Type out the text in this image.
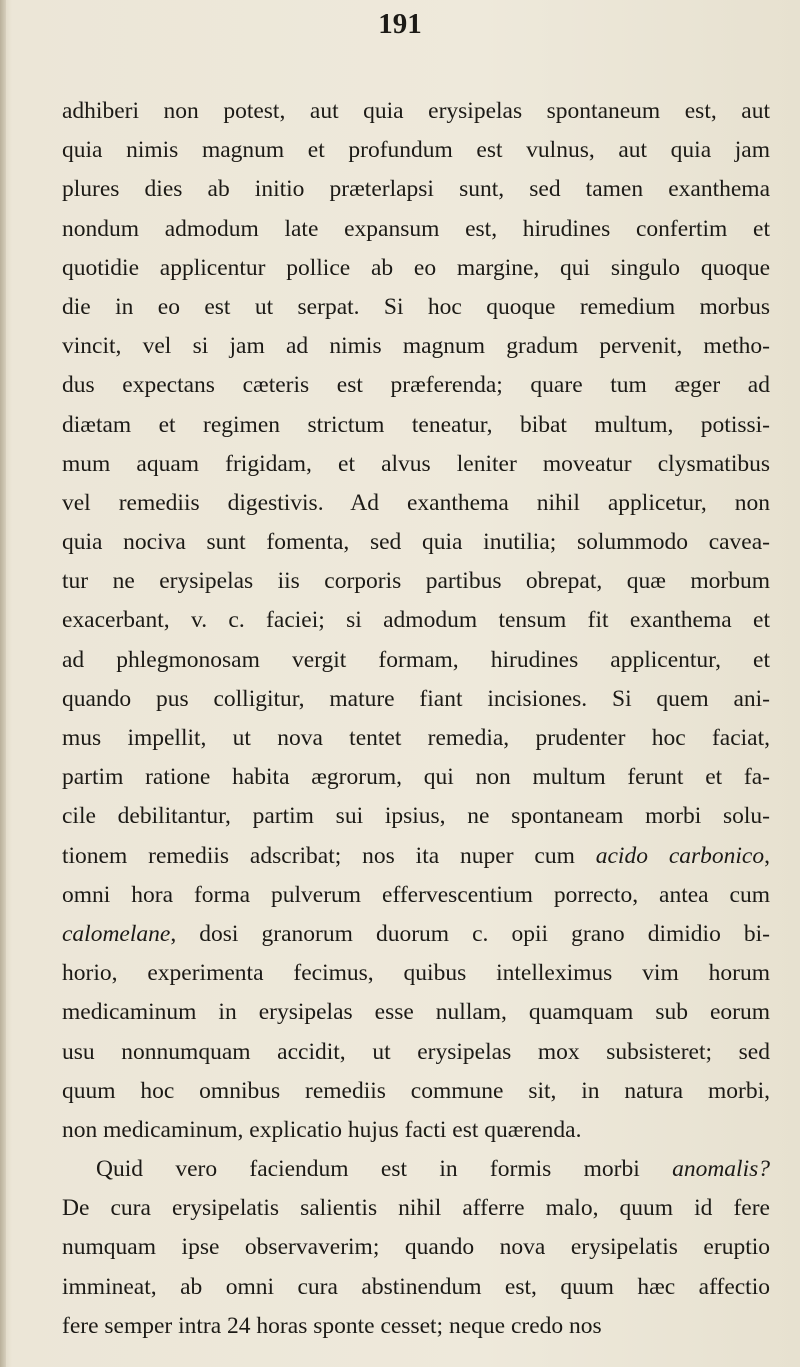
191
adhiberi non potest, aut quia erysipelas spontaneum est, aut
quia nimis magnum et profundum est vulnus, aut quia jam
plures dies ab initio præterlapsi sunt, sed tamen exanthema
nondum admodum late expansum est, hirudines confertim et
quotidie applicentur pollice ab eo margine, qui singulo quoque
die in eo est ut serpat. Si hoc quoque remedium morbus
vincit, vel si jam ad nimis magnum gradum pervenit, metho-
dus expectans cæteris est præferenda; quare tum æger ad
diætam et regimen strictum teneatur, bibat multum, potissi-
mum aquam frigidam, et alvus leniter moveatur clysmatibus
vel remediis digestivis. Ad exanthema nihil applicetur, non
quia nociva sunt fomenta, sed quia inutilia; solummodo cavea-
tur ne erysipelas iis corporis partibus obrepat, quæ morbum
exacerbant, v. c. faciei; si admodum tensum fit exanthema et
ad phlegmonosam vergit formam, hirudines applicentur, et
quando pus colligitur, mature fiant incisiones. Si quem ani-
mus impellit, ut nova tentet remedia, prudenter hoc faciat,
partim ratione habita ægrorum, qui non multum ferunt et fa-
cile debilitantur, partim sui ipsius, ne spontaneam morbi solu-
tionem remediis adscribat; nos ita nuper cum acido carbonico,
omni hora forma pulverum effervescentium porrecto, antea cum
calomelane, dosi granorum duorum c. opii grano dimidio bi-
horio, experimenta fecimus, quibus intelleximus vim horum
medicaminum in erysipelas esse nullam, quamquam sub eorum
usu nonnumquam accidit, ut erysipelas mox subsisteret; sed
quum hoc omnibus remediis commune sit, in natura morbi,
non medicaminum, explicatio hujus facti est quærenda.
Quid vero faciendum est in formis morbi anomalis?
De cura erysipelatis salientis nihil afferre malo, quum id fere
numquam ipse observaverim; quando nova erysipelatis eruptio
immineat, ab omni cura abstinendum est, quum hæc affectio
fere semper intra 24 horas sponte cesset; neque credo nos
